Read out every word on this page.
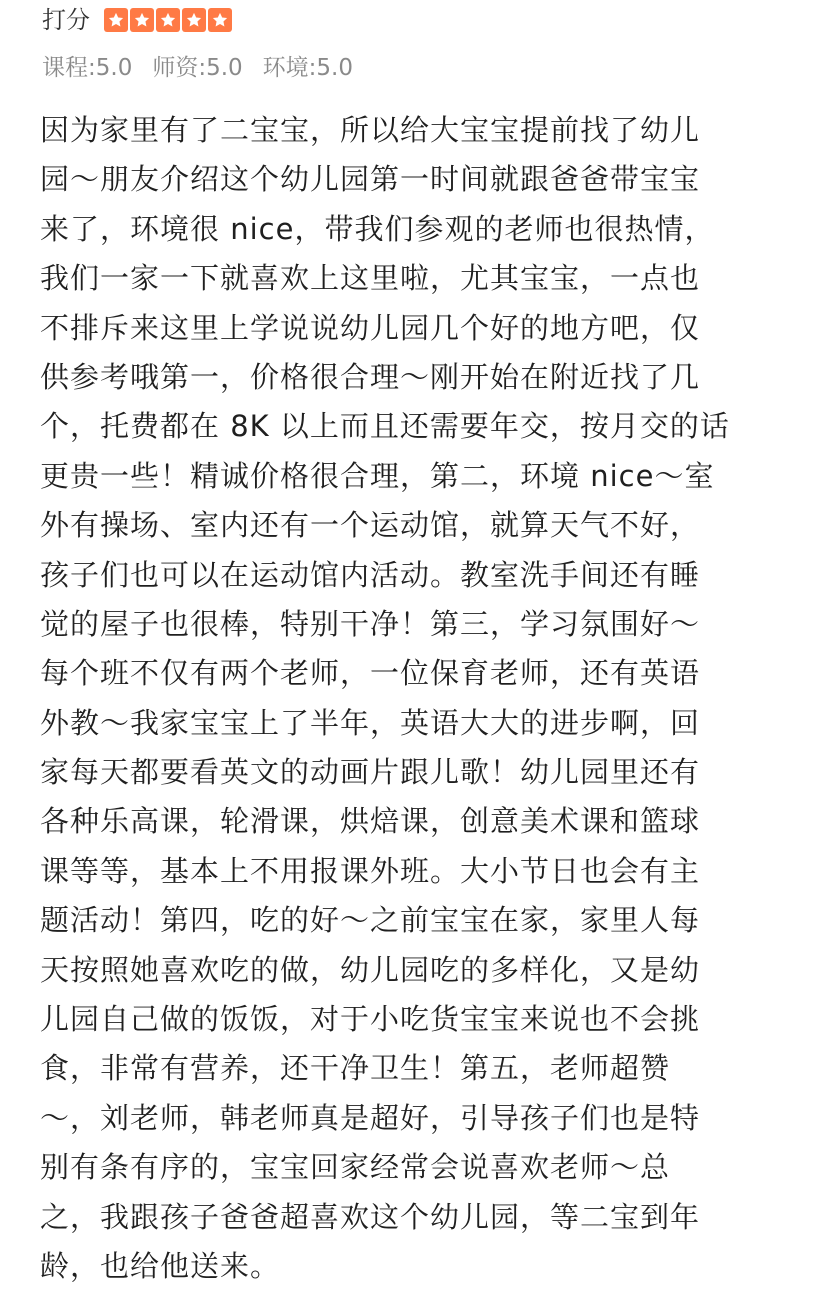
打分
课程:5.0 师资:5.0 环境:5.0
因为家里有了二宝宝，所以给大宝宝提前找了幼儿
园～朋友介绍这个幼儿园第一时间就跟爸爸带宝宝
来了，环境很 nice，带我们参观的老师也很热情，
我们一家一下就喜欢上这里啦，尤其宝宝，一点也
不排斥来这里上学说说幼儿园几个好的地方吧，仅
供参考哦第一，价格很合理～刚开始在附近找了几
个，托费都在 8K 以上而且还需要年交，按月交的话
更贵一些！精诚价格很合理，第二，环境 nice～室
外有操场、室内还有一个运动馆，就算天气不好，
孩子们也可以在运动馆内活动。教室洗手间还有睡
觉的屋子也很棒，特别干净！第三，学习氛围好～
每个班不仅有两个老师，一位保育老师，还有英语
外教～我家宝宝上了半年，英语大大的进步啊，回
家每天都要看英文的动画片跟儿歌！幼儿园里还有
各种乐高课，轮滑课，烘焙课，创意美术课和篮球
课等等，基本上不用报课外班。大小节日也会有主
题活动！第四，吃的好～之前宝宝在家，家里人每
天按照她喜欢吃的做，幼儿园吃的多样化，又是幼
儿园自己做的饭饭，对于小吃货宝宝来说也不会挑
食，非常有营养，还干净卫生！第五，老师超赞
～，刘老师，韩老师真是超好，引导孩子们也是特
别有条有序的，宝宝回家经常会说喜欢老师～总
之，我跟孩子爸爸超喜欢这个幼儿园，等二宝到年
龄，也给他送来。
